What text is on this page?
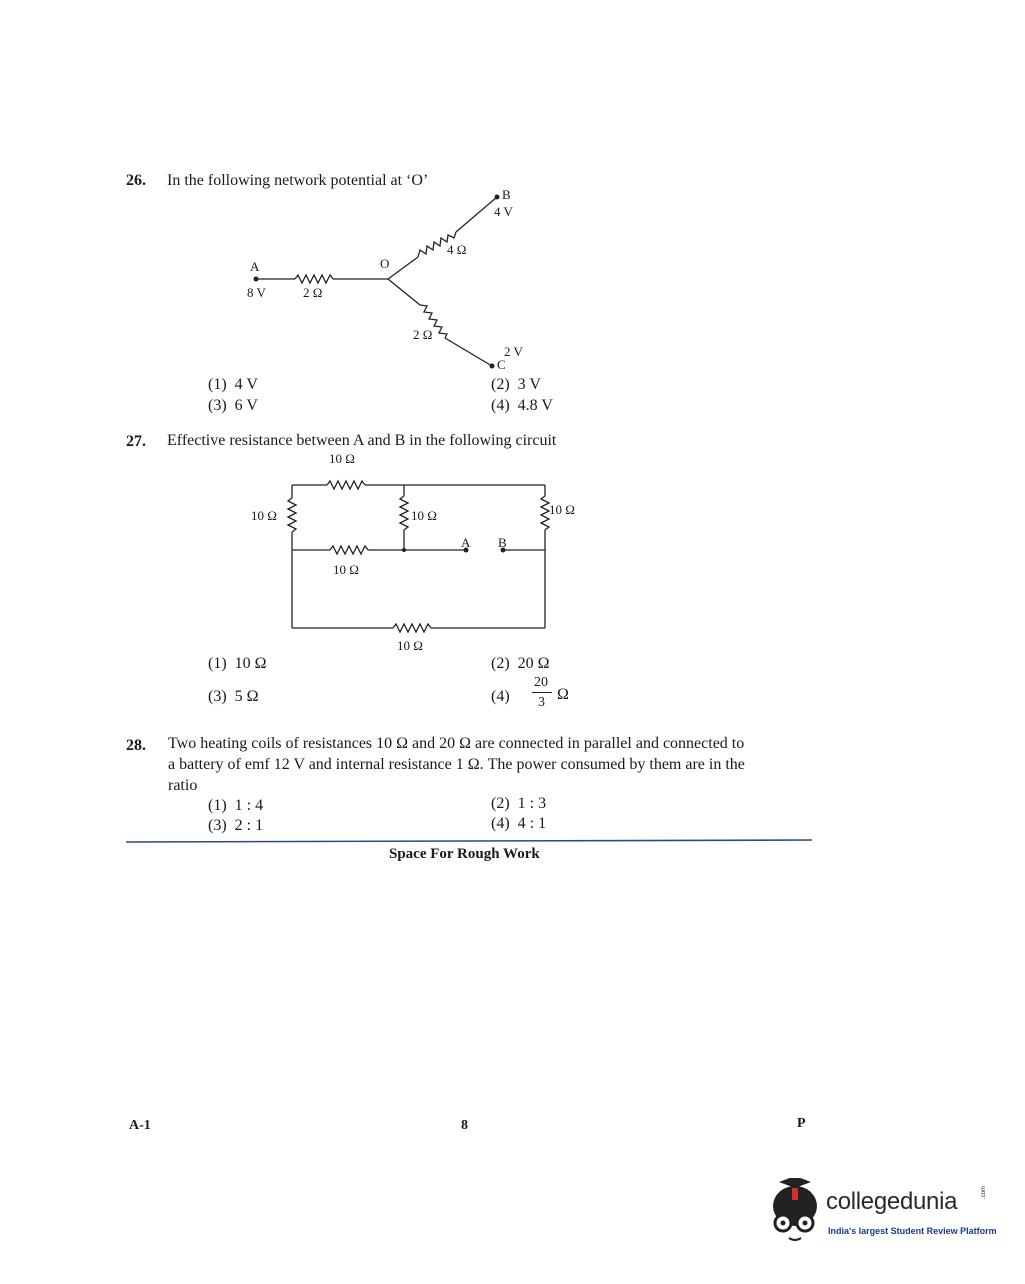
26. In the following network potential at ‘O’
A
8 V	2 Ω
O
B
4 V
4 Ω
2 Ω
2 V
C
(1) 4 V	(2) 3 V
(3) 6 V	(4) 4.8 V
27. Effective resistance between A and B in the following circuit
10 Ω
10 Ω	10 Ω	10 Ω
A B
10 Ω
10 Ω
(1) 10 Ω	(2) 20 Ω
(3) 5 Ω	(4)
20
3 Ω
28. Two heating coils of resistances 10 Ω and 20 Ω are connected in parallel and connected to
a battery of emf 12 V and internal resistance 1 Ω. The power consumed by them are in the
ratio
(1) 1 : 4	(2) 1 : 3
(3) 2 : 1	(4) 4 : 1
Space For Rough Work
A-1	8	P
collegedunia	.com
India's largest Student Review Platform
